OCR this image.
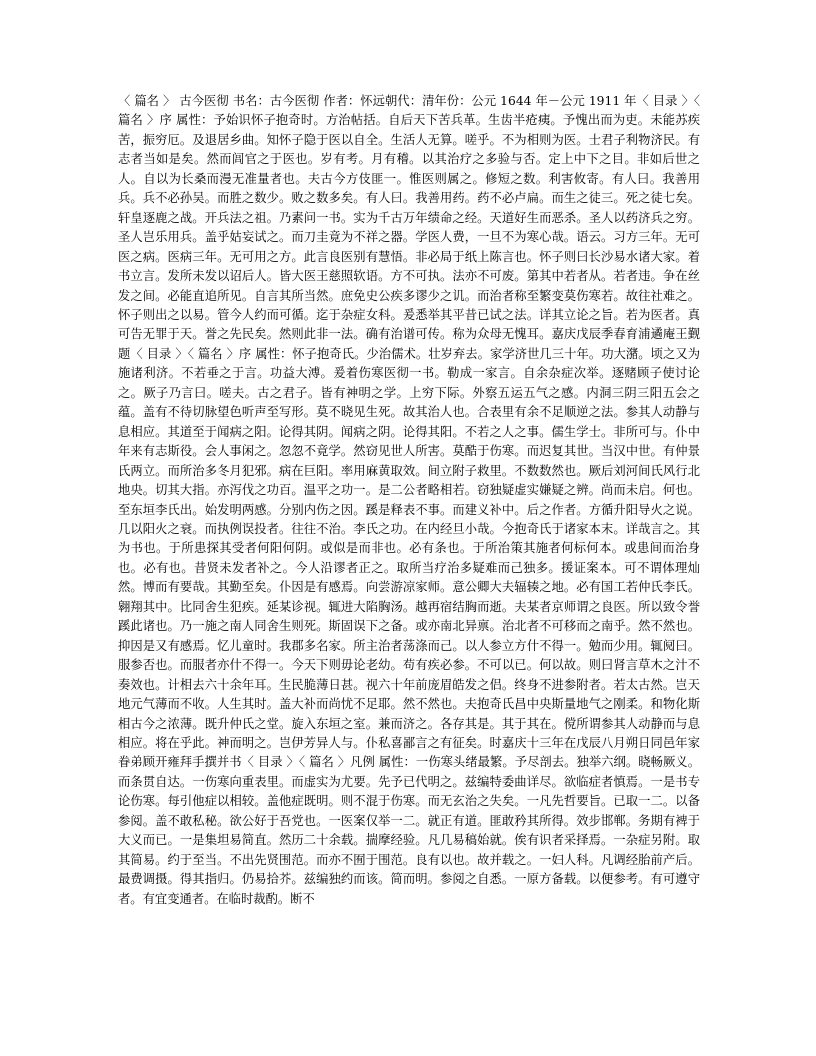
〈 篇名 〉 古今医彻 书名：古今医彻 作者：怀远朝代：清年份：公元 1644 年－公元 1911 年〈 目录 〉〈 篇名 〉序 属性：予始识怀子抱奇时。方治帖括。自后天下苦兵革。生齿半疮痍。予愧出而为吏。未能苏疾苦，振穷厄。及退居乡曲。知怀子隐于医以自全。生活人无算。嗟乎。不为相则为医。士君子利物济民。有志者当如是矣。然而闾官之于医也。岁有考。月有稽。以其治疗之多验与否。定上中下之目。非如后世之人。自以为长桑而漫无准量者也。夫古今方伎匪一。惟医则属之。修短之数。利害攸寄。有人曰。我善用兵。兵不必孙吴。而胜之数少。败之数多矣。有人曰。我善用药。药不必卢扁。而生之徒三。死之徒七矣。轩皇逐鹿之战。开兵法之祖。乃素问一书。实为千古万年绩命之经。天道好生而恶杀。圣人以药济兵之穷。圣人岂乐用兵。盖乎姑妄试之。而刀圭竟为不祥之器。学医人费，一旦不为寒心哉。语云。习方三年。无可医之病。医病三年。无可用之方。此言良医别有慧悟。非必局于纸上陈言也。怀子则曰长沙易水诸大家。着书立言。发所未发以诏后人。皆大医王慈照软语。方不可执。法亦不可废。第其中若者从。若者违。争在丝发之间。必能直追所见。自言其所当然。庶免史公疾多谬少之讥。而治者称至繁变莫伤寒若。故往社难之。怀子则出之以易。管今人约而可循。迄于杂症女科。爰悉举其平昔已试之法。详其立论之旨。若为医者。真可告无罪于天。誉之先民矣。然则此非一法。确有治谱可传。称为众母无愧耳。嘉庆戊辰季春育浦遹庵王觐题〈 目录 〉〈 篇名 〉序 属性：怀子抱奇氏。少治儒术。壮岁弃去。家学济世几三十年。功大潴。顷之又为施诸利济。不若垂之于言。功益大溥。爰着伤寒医彻一书。勒成一家言。自余杂症次举。逐赌顾子使讨论之。厥子乃言曰。嗟夫。古之君子。皆有神明之学。上穷下际。外察五运五气之感。内洞三阴三阳五会之蕴。盖有不待切脉望色听声至写形。莫不晓见生死。故其治人也。合表里有余不足顺逆之法。参其人动静与息相应。其道至于闻病之阳。论得其阴。闻病之阴。论得其阳。不若之人之事。儒生学士。非所可与。仆中年来有志斯役。会人事闲之。忽忽不竟学。然窃见世人所害。莫酷于伤寒。而迟复其世。当汉中世。有仲景氏两立。而所治多冬月犯邪。病在巨阳。率用麻黄取效。间立附子救里。不数数然也。厥后刘河间氏风行北地央。切其大指。亦泻伐之功百。温平之功一。是二公者略相若。窃独疑虚实嫌疑之辨。尚而未启。何也。至东垣李氏出。始发明两感。分别内伤之因。蹊是释表不事。而建义补中。后之作者。方循升阳导火之说。几以阳火之衰。而执例误投者。往往不治。李氏之功。在内经旦小哉。今抱奇氏于诸家本末。详哉言之。其为书也。于所患探其受者何阳何阴。或似是而非也。必有条也。于所治策其施者何标何本。或患间而治身也。必有也。昔贤未发者补之。今人沿谬者正之。取所当疗治多疑难而己独多。援证案本。可不谓体理灿然。博而有要哉。其勤至矣。仆因是有感焉。向尝游凉家师。意公卿大夫辐辏之地。必有国工若仲氏李氏。翱翔其中。比同舍生犯疾。延某诊视。辄进大陷胸汤。越再宿结胸而逝。夫某者京师谓之良医。所以致令誉蹊此诸也。乃一施之南人同舍生则死。斯固误下之备。或亦南北异禀。治北者不可移而之南乎。然不然也。抑因是又有感焉。忆儿童时。我郡多名家。所主治者荡涤而己。以人参立方什不得一。勉而少用。辄阋曰。服参否也。而服者亦什不得一。今天下则毋论老幼。苟有疾必参。不可以已。何以故。则曰肾言草木之汁不奏效也。计相去六十余年耳。生民脆薄日甚。视六十年前庞眉皓发之侣。终身不进参附者。若太古然。岂天地元气薄而不收。人生其时。盖大补而尚忧不足耶。然不然也。夫抱奇氏昌中央斯量地气之刚柔。和物化斯相古今之浓薄。既升仲氏之堂。旋入东垣之室。兼而济之。各存其是。其于其在。傥所谓参其人动静而与息相应。将在乎此。神而明之。岂伊芳异人与。仆私喜鄙言之有征矣。时嘉庆十三年在戊辰八月朔日同邑年家眷弟顾开雍拜手撰并书〈 目录 〉〈 篇名 〉凡例 属性：一伤寒头绪最繁。予尽剖去。独举六纲。晓畅厥义。而条贯自达。一伤寒向重表里。而虚实为尤要。先予已代明之。兹编特委曲详尽。欲临症者慎焉。一是书专论伤寒。每引他症以相较。盖他症既明。则不混于伤寒。而无玄治之失矣。一凡先哲要旨。已取一二。以备参阅。盖不敢私秘。欲公好于吾党也。一医案仅举一二。就正有道。匪敢矜其所得。效步邯郸。务期有裨于大义而已。一是集坦易简直。然历二十余载。揣摩经验。凡几易稿始就。俟有识者采择焉。一杂症另附。取其简易。约于至当。不出先贤围范。而亦不囿于围范。良有以也。故并载之。一妇人科。凡调经胎前产后。最费调摄。得其指归。仍易拾芥。兹编独约而该。简而明。参阅之自悉。一原方备载。以便参考。有可遵守者。有宜变通者。在临时裁酌。断不
